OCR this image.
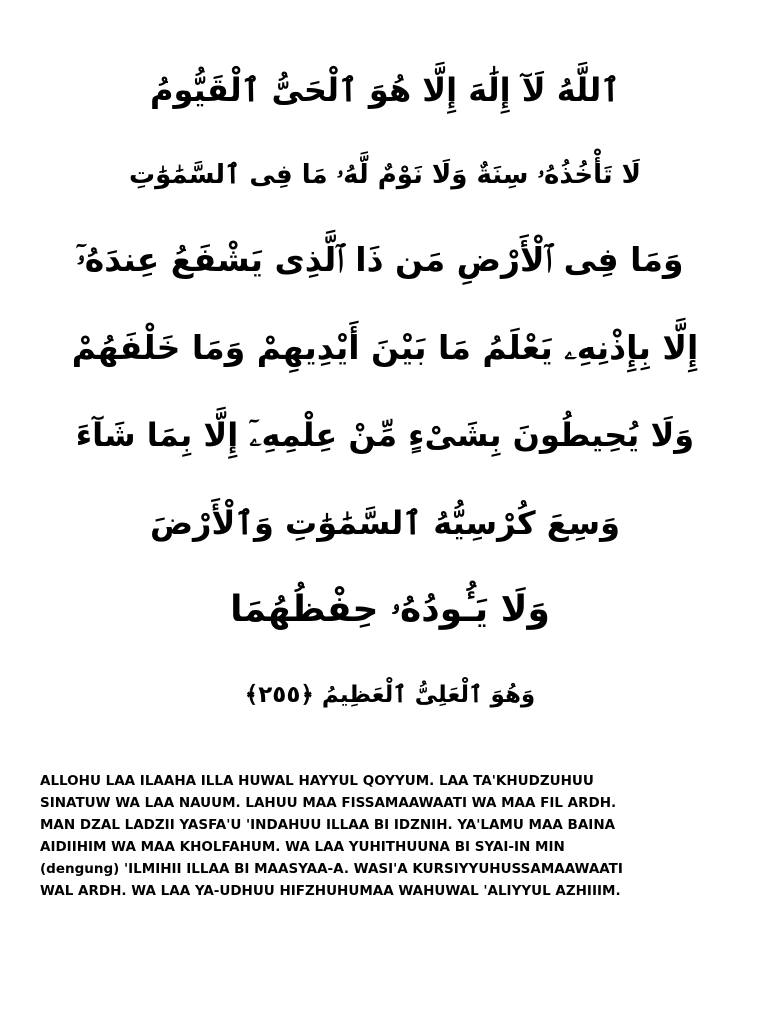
ٱللَّهُ لَآ إِلَٰهَ إِلَّا هُوَ ٱلْحَىُّ ٱلْقَيُّومُ
لَا تَأْخُذُهُۥ سِنَةٌ وَلَا نَوْمٌ لَّهُۥ مَا فِى ٱلسَّمَٰوَٰتِ
وَمَا فِى ٱلْأَرْضِ مَن ذَا ٱلَّذِى يَشْفَعُ عِندَهُۥٓ
إِلَّا بِإِذْنِهِۦ يَعْلَمُ مَا بَيْنَ أَيْدِيهِمْ وَمَا خَلْفَهُمْ
وَلَا يُحِيطُونَ بِشَىْءٍ مِّنْ عِلْمِهِۦٓ إِلَّا بِمَا شَآءَ
وَسِعَ كُرْسِيُّهُ ٱلسَّمَٰوَٰتِ وَٱلْأَرْضَ
وَلَا يَـُٔودُهُۥ حِفْظُهُمَا
وَهُوَ ٱلْعَلِىُّ ٱلْعَظِيمُ ﴿٢٥٥﴾
ALLOHU LAA ILAAHA ILLA HUWAL HAYYUL QOYYUM. LAA TA'KHUDZUHUU
SINATUW WA LAA NAUUM. LAHUU MAA FISSAMAAWAATI WA MAA FIL ARDH.
MAN DZAL LADZII YASFA'U 'INDAHUU ILLAA BI IDZNIH. YA'LAMU MAA BAINA
AIDIIHIM WA MAA KHOLFAHUM. WA LAA YUHITHUUNA BI SYAI-IN MIN
(dengung) 'ILMIHII ILLAA BI MAASYAA-A. WASI'A KURSIYYUHUSSAMAAWAATI
WAL ARDH. WA LAA YA-UDHUU HIFZHUHUMAA WAHUWAL 'ALIYYUL AZHIIIM.
